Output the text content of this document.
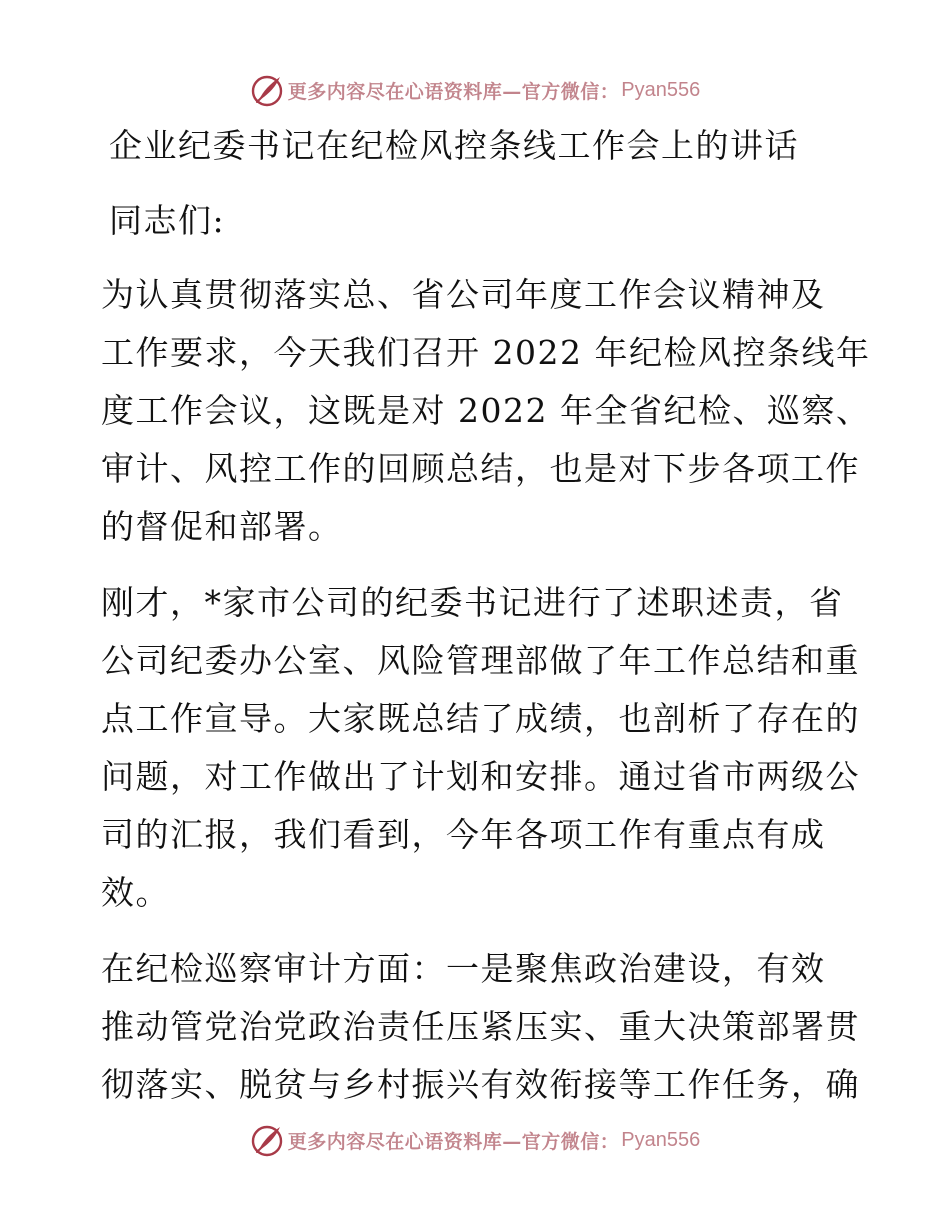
更多内容尽在心语资料库—官方微信： Pyan556
企业纪委书记在纪检风控条线工作会上的讲话
同志们:
为认真贯彻落实总、省公司年度工作会议精神及
工作要求，今天我们召开 2022 年纪检风控条线年
度工作会议，这既是对 2022 年全省纪检、巡察、
审计、风控工作的回顾总结，也是对下步各项工作
的督促和部署。
刚才，*家市公司的纪委书记进行了述职述责，省
公司纪委办公室、风险管理部做了年工作总结和重
点工作宣导。大家既总结了成绩，也剖析了存在的
问题，对工作做出了计划和安排。通过省市两级公
司的汇报，我们看到，今年各项工作有重点有成
效。
在纪检巡察审计方面：一是聚焦政治建设，有效
推动管党治党政治责任压紧压实、重大决策部署贯
彻落实、脱贫与乡村振兴有效衔接等工作任务，确
更多内容尽在心语资料库—官方微信： Pyan556
